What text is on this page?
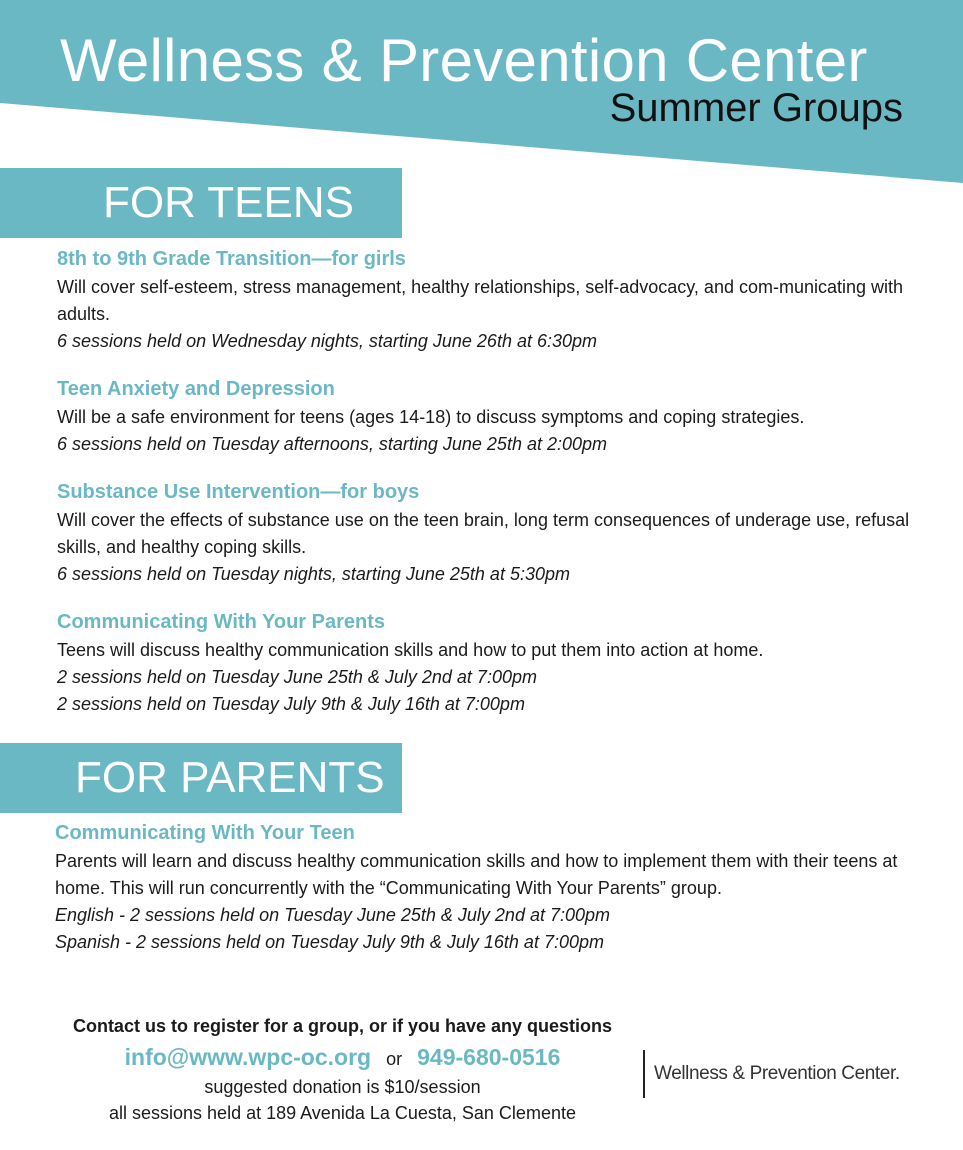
Wellness & Prevention Center
Summer Groups
FOR TEENS

8th to 9th Grade Transition—for girls

Will cover self-esteem, stress management, healthy relationships, self-advocacy, and com-municating with adults.

6 sessions held on Wednesday nights, starting June 26th at 6:30pm

Teen Anxiety and Depression

Will be a safe environment for teens (ages 14-18) to discuss symptoms and coping strategies.

6 sessions held on Tuesday afternoons, starting June 25th at 2:00pm

Substance Use Intervention—for boys

Will cover the effects of substance use on the teen brain, long term consequences of underage use, refusal skills, and healthy coping skills.

6 sessions held on Tuesday nights, starting June 25th at 5:30pm

Communicating With Your Parents

Teens will discuss healthy communication skills and how to put them into action at home.

2 sessions held on Tuesday June 25th & July 2nd at 7:00pm

2 sessions held on Tuesday July 9th & July 16th at 7:00pm

FOR PARENTS

Communicating With Your Teen

Parents will learn and discuss healthy communication skills and how to implement them with their teens at home. This will run concurrently with the “Communicating With Your Parents” group.

English - 2 sessions held on Tuesday June 25th & July 2nd at 7:00pm

Spanish - 2 sessions held on Tuesday July 9th & July 16th at 7:00pm

Contact us to register for a group, or if you have any questions

info@www.wpc-oc.org or 949-680-0516

suggested donation is $10/session

all sessions held at 189 Avenida La Cuesta, San Clemente

Wellness & Prevention Center.
